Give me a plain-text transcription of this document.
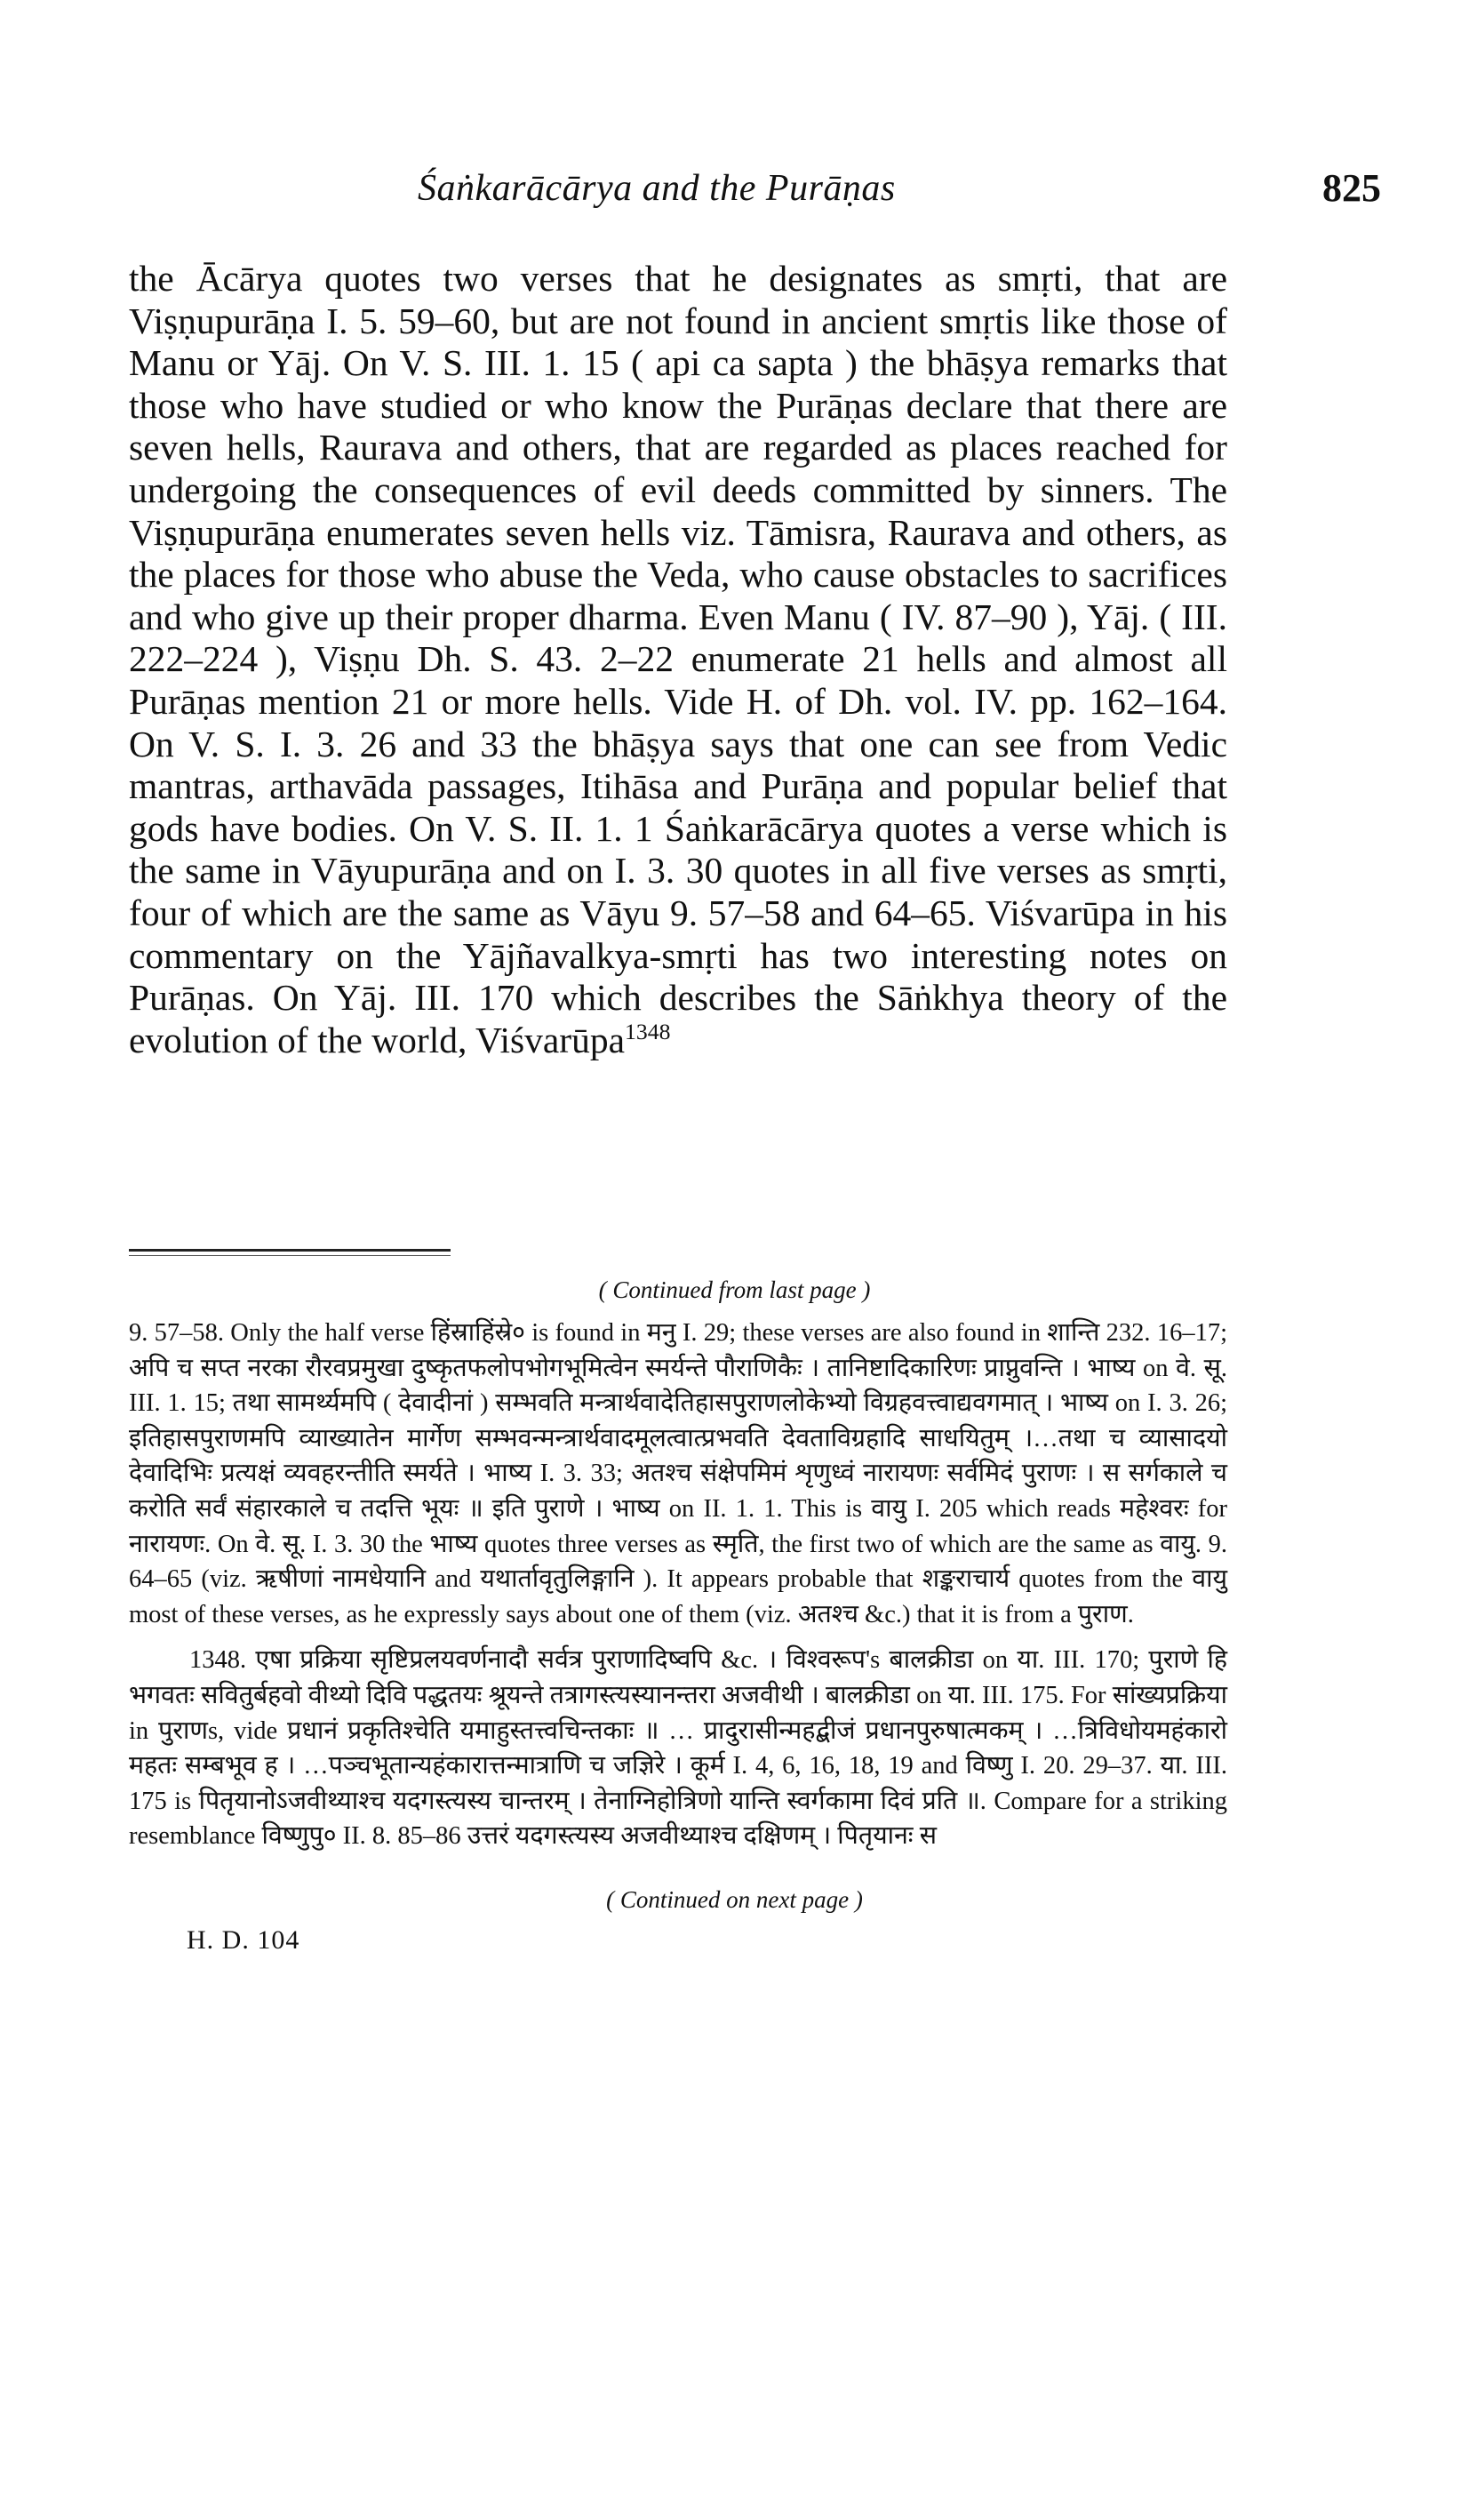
Śaṅkarācārya and the Purāṇas	825

the Ācārya quotes two verses that he designates as smṛti, that are Viṣṇupurāṇa I. 5. 59–60, but are not found in ancient smṛtis like those of Manu or Yāj. On V. S. III. 1. 15 ( api ca sapta ) the bhāṣya remarks that those who have studied or who know the Purāṇas declare that there are seven hells, Raurava and others, that are regarded as places reached for undergoing the consequences of evil deeds committed by sinners. The Viṣṇupurāṇa enumerates seven hells viz. Tāmisra, Raurava and others, as the places for those who abuse the Veda, who cause obstacles to sacrifices and who give up their proper dharma. Even Manu ( IV. 87–90 ), Yāj. ( III. 222–224 ), Viṣṇu Dh. S. 43. 2–22 enumerate 21 hells and almost all Purāṇas mention 21 or more hells. Vide H. of Dh. vol. IV. pp. 162–164. On V. S. I. 3. 26 and 33 the bhāṣya says that one can see from Vedic mantras, arthavāda passages, Itihāsa and Purāṇa and popular belief that gods have bodies. On V. S. II. 1. 1 Śaṅkarācārya quotes a verse which is the same in Vāyupurāṇa and on I. 3. 30 quotes in all five verses as smṛti, four of which are the same as Vāyu 9. 57–58 and 64–65. Viśvarūpa in his commentary on the Yājñavalkya-smṛti has two interesting notes on Purāṇas. On Yāj. III. 170 which describes the Sāṅkhya theory of the evolution of the world, Viśvarūpa$^{1348}$

( Continued from last page )

9. 57–58. Only the half verse हिंस्राहिंस्रे० is found in मनु I. 29; these verses are also found in शान्ति 232. 16–17; अपि च सप्त नरका रौरवप्रमुखा दुष्कृतफलोपभोगभूमित्वेन स्मर्यन्ते पौराणिकैः । तानिष्टादिकारिणः प्राप्नुवन्ति । भाष्य on वे. सू. III. 1. 15; तथा सामर्थ्यमपि ( देवादीनां ) सम्भवति मन्त्रार्थवादेतिहासपुराणलोकेभ्यो विग्रहवत्त्वाद्यवगमात् । भाष्य on I. 3. 26; इतिहासपुराणमपि व्याख्यातेन मार्गेण सम्भवन्मन्त्रार्थवादमूलत्वात्प्रभवति देवताविग्रहादि साधयितुम् ।…तथा च व्यासादयो देवादिभिः प्रत्यक्षं व्यवहरन्तीति स्मर्यते । भाष्य I. 3. 33; अतश्च संक्षेपमिमं शृणुध्वं नारायणः सर्वमिदं पुराणः । स सर्गकाले च करोति सर्वं संहारकाले च तदत्ति भूयः ॥ इति पुराणे । भाष्य on II. 1. 1. This is वायु I. 205 which reads महेश्वरः for नारायणः. On वे. सू. I. 3. 30 the भाष्य quotes three verses as स्मृति, the first two of which are the same as वायु. 9. 64–65 (viz. ऋषीणां नामधेयानि and यथार्तावृतुलिङ्गानि ). It appears probable that शङ्कराचार्य quotes from the वायु most of these verses, as he expressly says about one of them (viz. अतश्च &c.) that it is from a पुराण.

1348. एषा प्रक्रिया सृष्टिप्रलयवर्णनादौ सर्वत्र पुराणादिष्वपि &c. । विश्वरूप's बालक्रीडा on या. III. 170; पुराणे हि भगवतः सवितुर्बहवो वीथ्यो दिवि पद्धतयः श्रूयन्ते तत्रागस्त्यस्यानन्तरा अजवीथी । बालक्रीडा on या. III. 175. For सांख्यप्रक्रिया in पुराणs, vide प्रधानं प्रकृतिश्चेति यमाहुस्तत्त्वचिन्तकाः ॥ … प्रादुरासीन्महद्बीजं प्रधानपुरुषात्मकम् । …त्रिविधोयमहंकारो महतः सम्बभूव ह । …पञ्चभूतान्यहंकारात्तन्मात्राणि च जज्ञिरे । कूर्म I. 4, 6, 16, 18, 19 and विष्णु I. 20. 29–37. या. III. 175 is पितृयानोऽजवीथ्याश्च यदगस्त्यस्य चान्तरम् । तेनाग्निहोत्रिणो यान्ति स्वर्गकामा दिवं प्रति ॥. Compare for a striking resemblance विष्णुपु० II. 8. 85–86 उत्तरं यदगस्त्यस्य अजवीथ्याश्च दक्षिणम् । पितृयानः स

( Continued on next page )
H. D. 104
